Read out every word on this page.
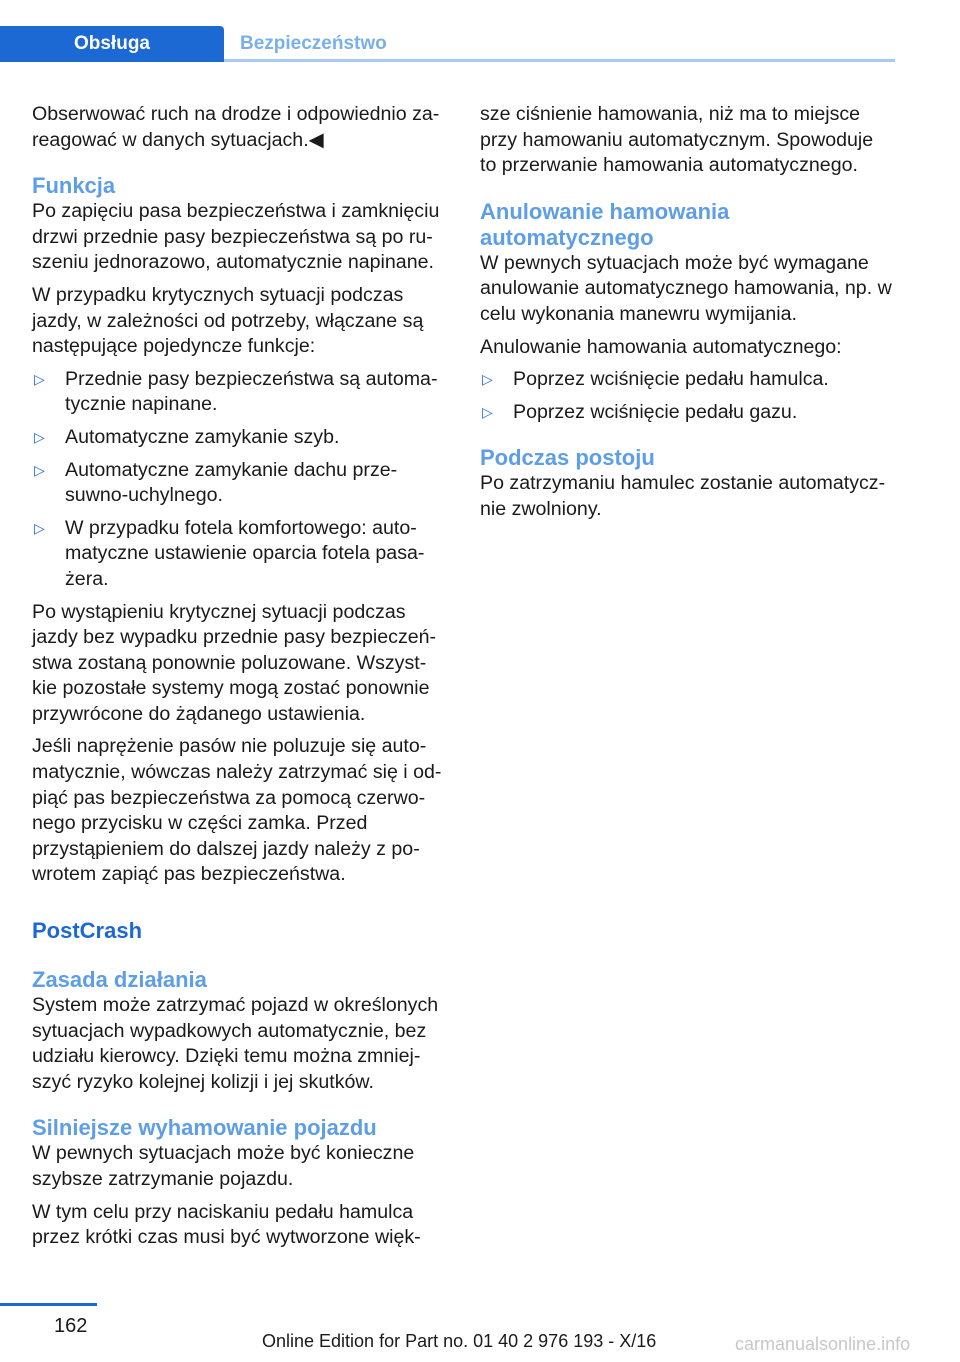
Obsługa	Bezpieczeństwo

Obserwować ruch na drodze i odpowiednio za‐reagować w danych sytuacjach.◀

Funkcja

Po zapięciu pasa bezpieczeństwa i zamknięciu drzwi przednie pasy bezpieczeństwa są po ru‐szeniu jednorazowo, automatycznie napinane.

W przypadku krytycznych sytuacji podczas jazdy, w zależności od potrzeby, włączane są następujące pojedyncze funkcje:

▷ Przednie pasy bezpieczeństwa są automa‐tycznie napinane.
▷ Automatyczne zamykanie szyb.
▷ Automatyczne zamykanie dachu prze‐suwno-uchylnego.
▷ W przypadku fotela komfortowego: auto‐matyczne ustawienie oparcia fotela pasa‐żera.

Po wystąpieniu krytycznej sytuacji podczas jazdy bez wypadku przednie pasy bezpieczeń‐stwa zostaną ponownie poluzowane. Wszyst‐kie pozostałe systemy mogą zostać ponownie przywrócone do żądanego ustawienia.

Jeśli naprężenie pasów nie poluzuje się auto‐matycznie, wówczas należy zatrzymać się i od‐piąć pas bezpieczeństwa za pomocą czerwo‐nego przycisku w części zamka. Przed przystąpieniem do dalszej jazdy należy z po‐wrotem zapiąć pas bezpieczeństwa.

PostCrash
Zasada działania

System może zatrzymać pojazd w określonych sytuacjach wypadkowych automatycznie, bez udziału kierowcy. Dzięki temu można zmniej‐szyć ryzyko kolejnej kolizji i jej skutków.

Silniejsze wyhamowanie pojazdu

W pewnych sytuacjach może być konieczne szybsze zatrzymanie pojazdu.

W tym celu przy naciskaniu pedału hamulca przez krótki czas musi być wytworzone więk‐

sze ciśnienie hamowania, niż ma to miejsce przy hamowaniu automatycznym. Spowoduje to przerwanie hamowania automatycznego.

Anulowanie hamowania automatycznego

W pewnych sytuacjach może być wymagane anulowanie automatycznego hamowania, np. w celu wykonania manewru wymijania.

Anulowanie hamowania automatycznego:

▷ Poprzez wciśnięcie pedału hamulca.
▷ Poprzez wciśnięcie pedału gazu.
Podczas postoju

Po zatrzymaniu hamulec zostanie automatycz‐nie zwolniony.

162
Online Edition for Part no. 01 40 2 976 193 - X/16	carmanualsonline.info
